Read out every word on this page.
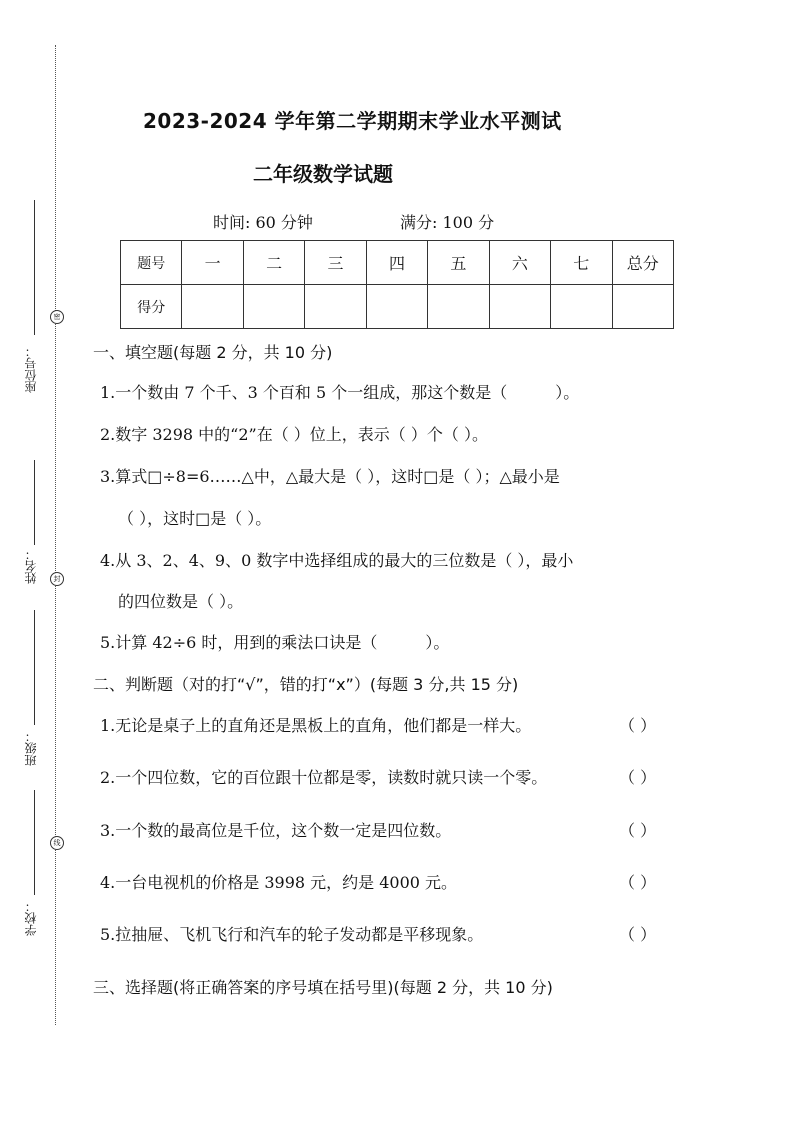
座位号：
姓名：
班级：
学校：
密
封
线
2023-2024 学年第二学期期末学业水平测试
二年级数学试题
时间: 60 分钟	满分: 100 分
题号	一	二	三	四	五	六	七	总分
得分								
一、填空题(每题 2 分，共 10 分)
1.一个数由 7 个千、3 个百和 5 个一组成，那这个数是（　　　）。
2.数字 3298 中的“2”在（ ）位上，表示（ ）个（ ）。
3.算式□÷8=6……△中，△最大是（ ），这时□是（ ）；△最小是
（ ），这时□是（ ）。
4.从 3、2、4、9、0 数字中选择组成的最大的三位数是（ ），最小
的四位数是（ ）。
5.计算 42÷6 时，用到的乘法口诀是（　　　）。
二、判断题（对的打“√”，错的打“x”）(每题 3 分,共 15 分)
1.无论是桌子上的直角还是黑板上的直角，他们都是一样大。	（ ）
2.一个四位数，它的百位跟十位都是零，读数时就只读一个零。	（ ）
3.一个数的最高位是千位，这个数一定是四位数。	（ ）
4.一台电视机的价格是 3998 元，约是 4000 元。	（ ）
5.拉抽屉、飞机飞行和汽车的轮子发动都是平移现象。	（ ）
三、选择题(将正确答案的序号填在括号里)(每题 2 分，共 10 分)
